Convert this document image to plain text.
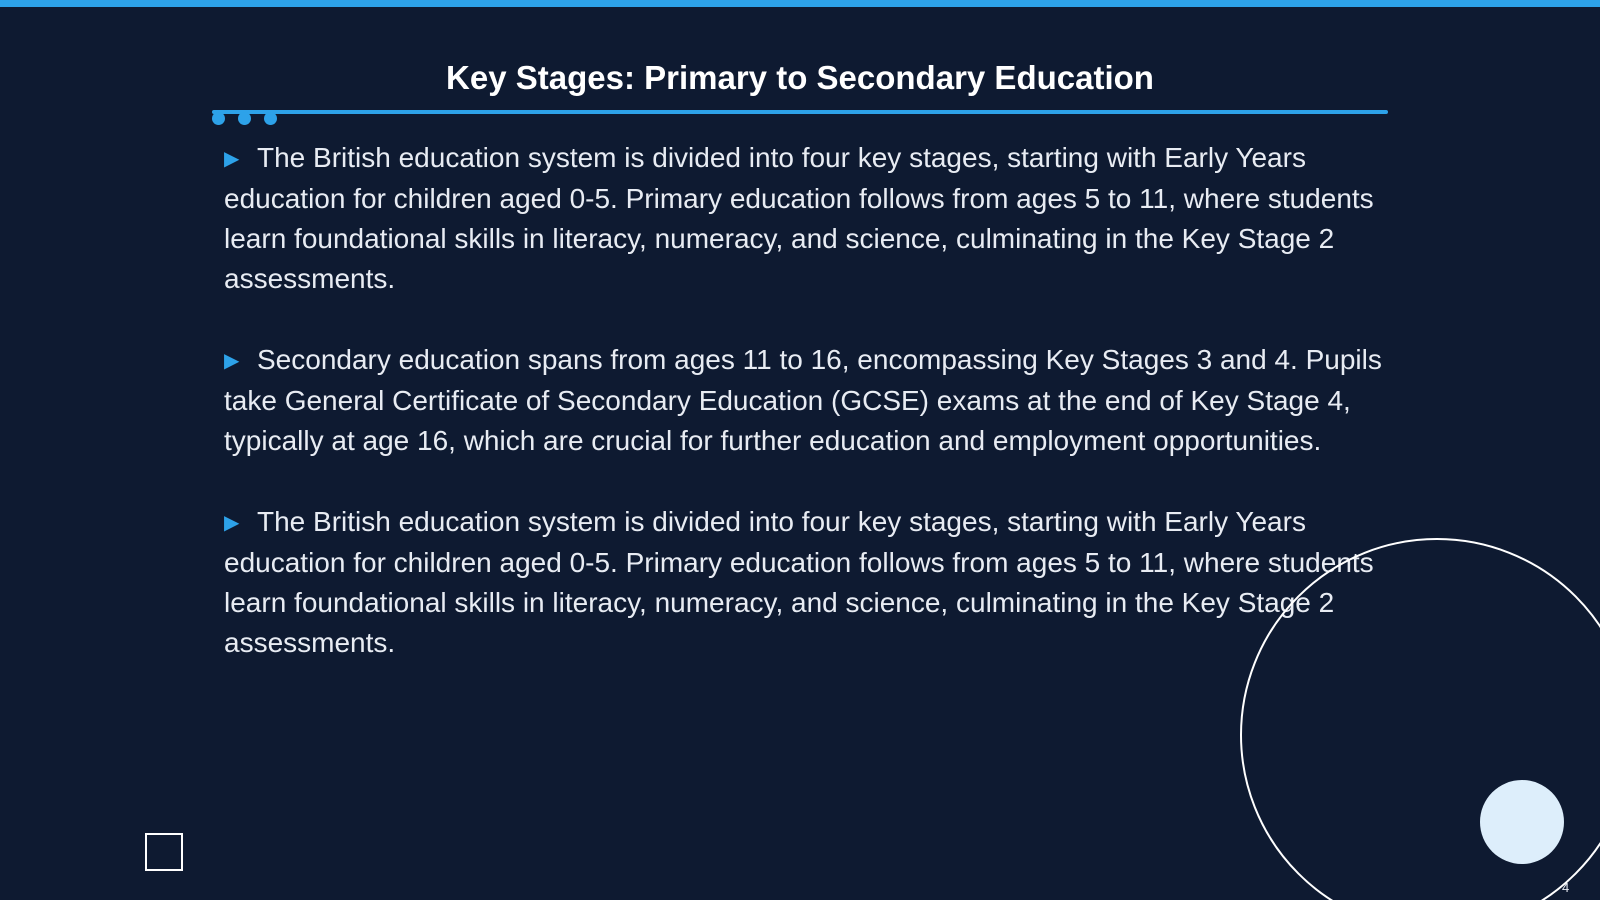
Key Stages: Primary to Secondary Education

▶ The British education system is divided into four key stages, starting with Early Years education for children aged 0-5. Primary education follows from ages 5 to 11, where students learn foundational skills in literacy, numeracy, and science, culminating in the Key Stage 2 assessments.

▶ Secondary education spans from ages 11 to 16, encompassing Key Stages 3 and 4. Pupils take General Certificate of Secondary Education (GCSE) exams at the end of Key Stage 4, typically at age 16, which are crucial for further education and employment opportunities.

▶ The British education system is divided into four key stages, starting with Early Years education for children aged 0-5. Primary education follows from ages 5 to 11, where students learn foundational skills in literacy, numeracy, and science, culminating in the Key Stage 2 assessments.

4
